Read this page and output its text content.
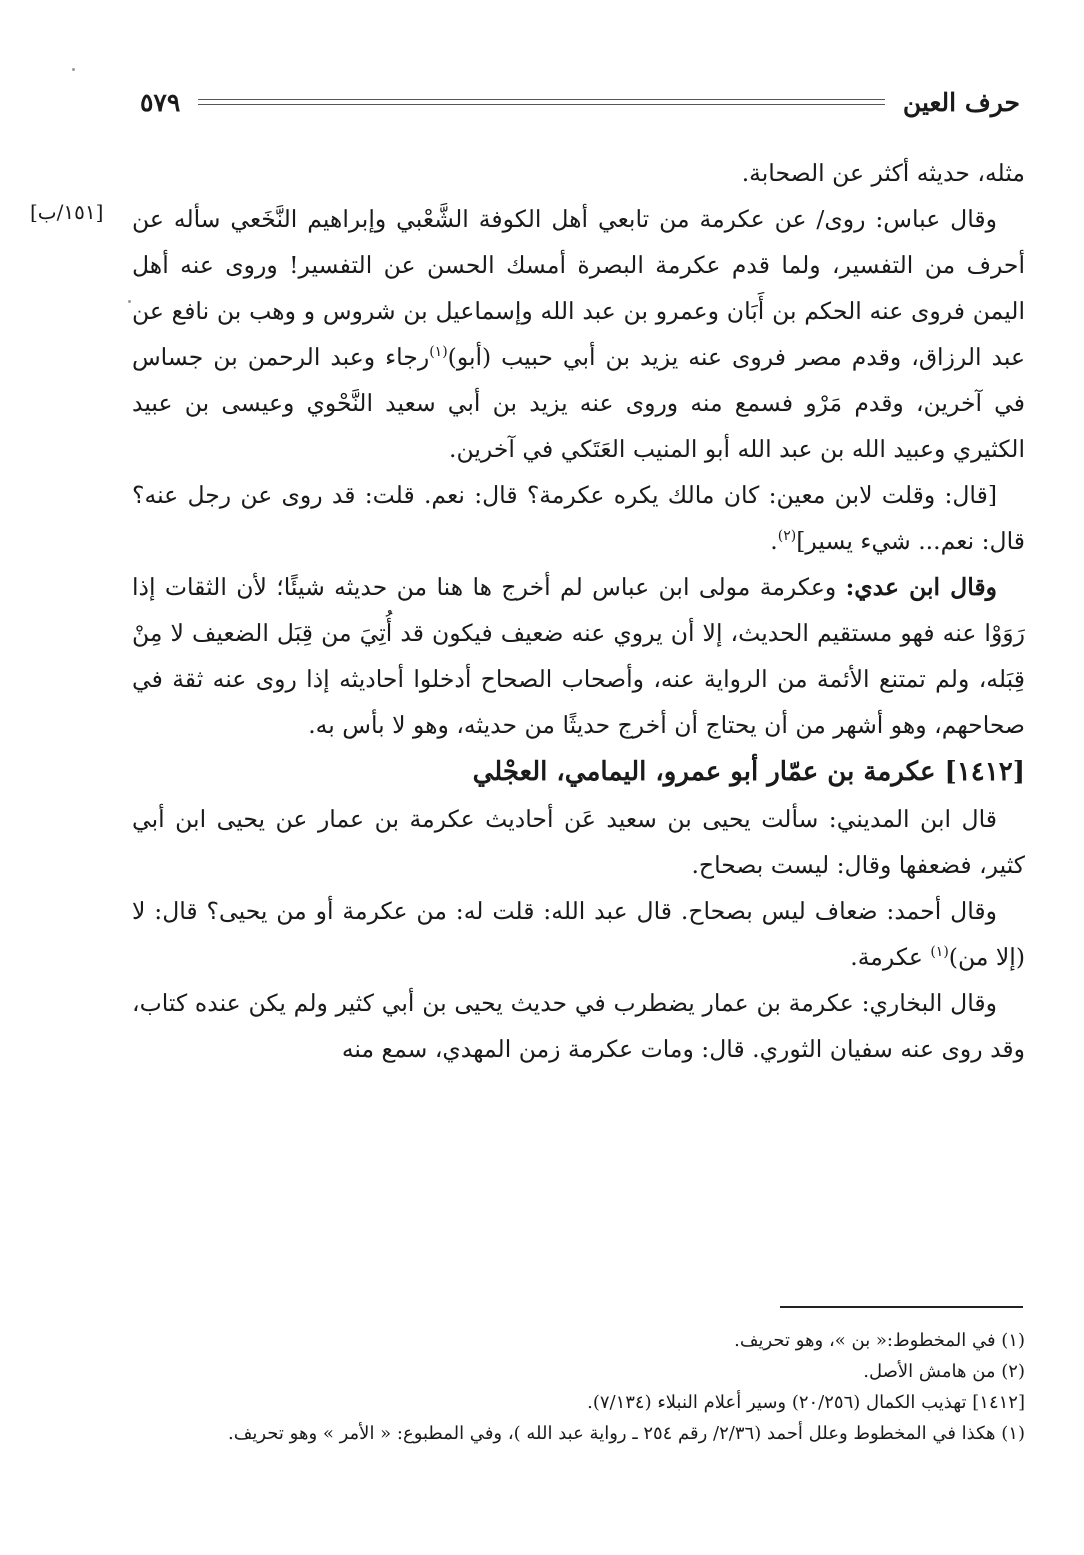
حرف العين
٥٧٩
[١٥١/ب]

مثله، حديثه أكثر عن الصحابة.

وقال عباس: روى/ عن عكرمة من تابعي أهل الكوفة الشَّعْبي وإبراهيم النَّخَعي سأله عن أحرف من التفسير، ولما قدم عكرمة البصرة أمسك الحسن عن التفسير! وروى عنه أهل اليمن فروى عنه الحكم بن أَبَان وعمرو بن عبد الله وإسماعيل بن شروس و وهب بن نافع عن عبد الرزاق، وقدم مصر فروى عنه يزيد بن أبي حبيب (أبو)$^{(١)}$رجاء وعبد الرحمن بن جساس في آخرين، وقدم مَرْو فسمع منه وروى عنه يزيد بن أبي سعيد النَّحْوي وعيسى بن عبيد الكثيري وعبيد الله بن عبد الله أبو المنيب العَتَكي في آخرين.

[قال: وقلت لابن معين: كان مالك يكره عكرمة؟ قال: نعم. قلت: قد روى عن رجل عنه؟ قال: نعم... شيء يسير]$^{(٢)}$.

وقال ابن عدي: وعكرمة مولى ابن عباس لم أخرج ها هنا من حديثه شيئًا؛ لأن الثقات إذا رَوَوْا عنه فهو مستقيم الحديث، إلا أن يروي عنه ضعيف فيكون قد أُتِيَ من قِبَل الضعيف لا مِنْ قِبَله، ولم تمتنع الأئمة من الرواية عنه، وأصحاب الصحاح أدخلوا أحاديثه إذا روى عنه ثقة في صحاحهم، وهو أشهر من أن يحتاج أن أخرج حديثًا من حديثه، وهو لا بأس به.

[١٤١٢] عكرمة بن عمّار أبو عمرو، اليمامي، العجْلي

قال ابن المديني: سألت يحيى بن سعيد عَن أحاديث عكرمة بن عمار عن يحيى ابن أبي كثير، فضعفها وقال: ليست بصحاح.

وقال أحمد: ضعاف ليس بصحاح. قال عبد الله: قلت له: من عكرمة أو من يحيى؟ قال: لا (إلا من)$^{(١)}$ عكرمة.

وقال البخاري: عكرمة بن عمار يضطرب في حديث يحيى بن أبي كثير ولم يكن عنده كتاب، وقد روى عنه سفيان الثوري. قال: ومات عكرمة زمن المهدي، سمع منه

(١) في المخطوط:« بن »، وهو تحريف.

(٢) من هامش الأصل.

[١٤١٢] تهذيب الكمال (٢٠/٢٥٦) وسير أعلام النبلاء (٧/١٣٤).

(١) هكذا في المخطوط وعلل أحمد (٢/٣٦/ رقم ٢٥٤ ـ رواية عبد الله )، وفي المطبوع: « الأمر » وهو تحريف.
